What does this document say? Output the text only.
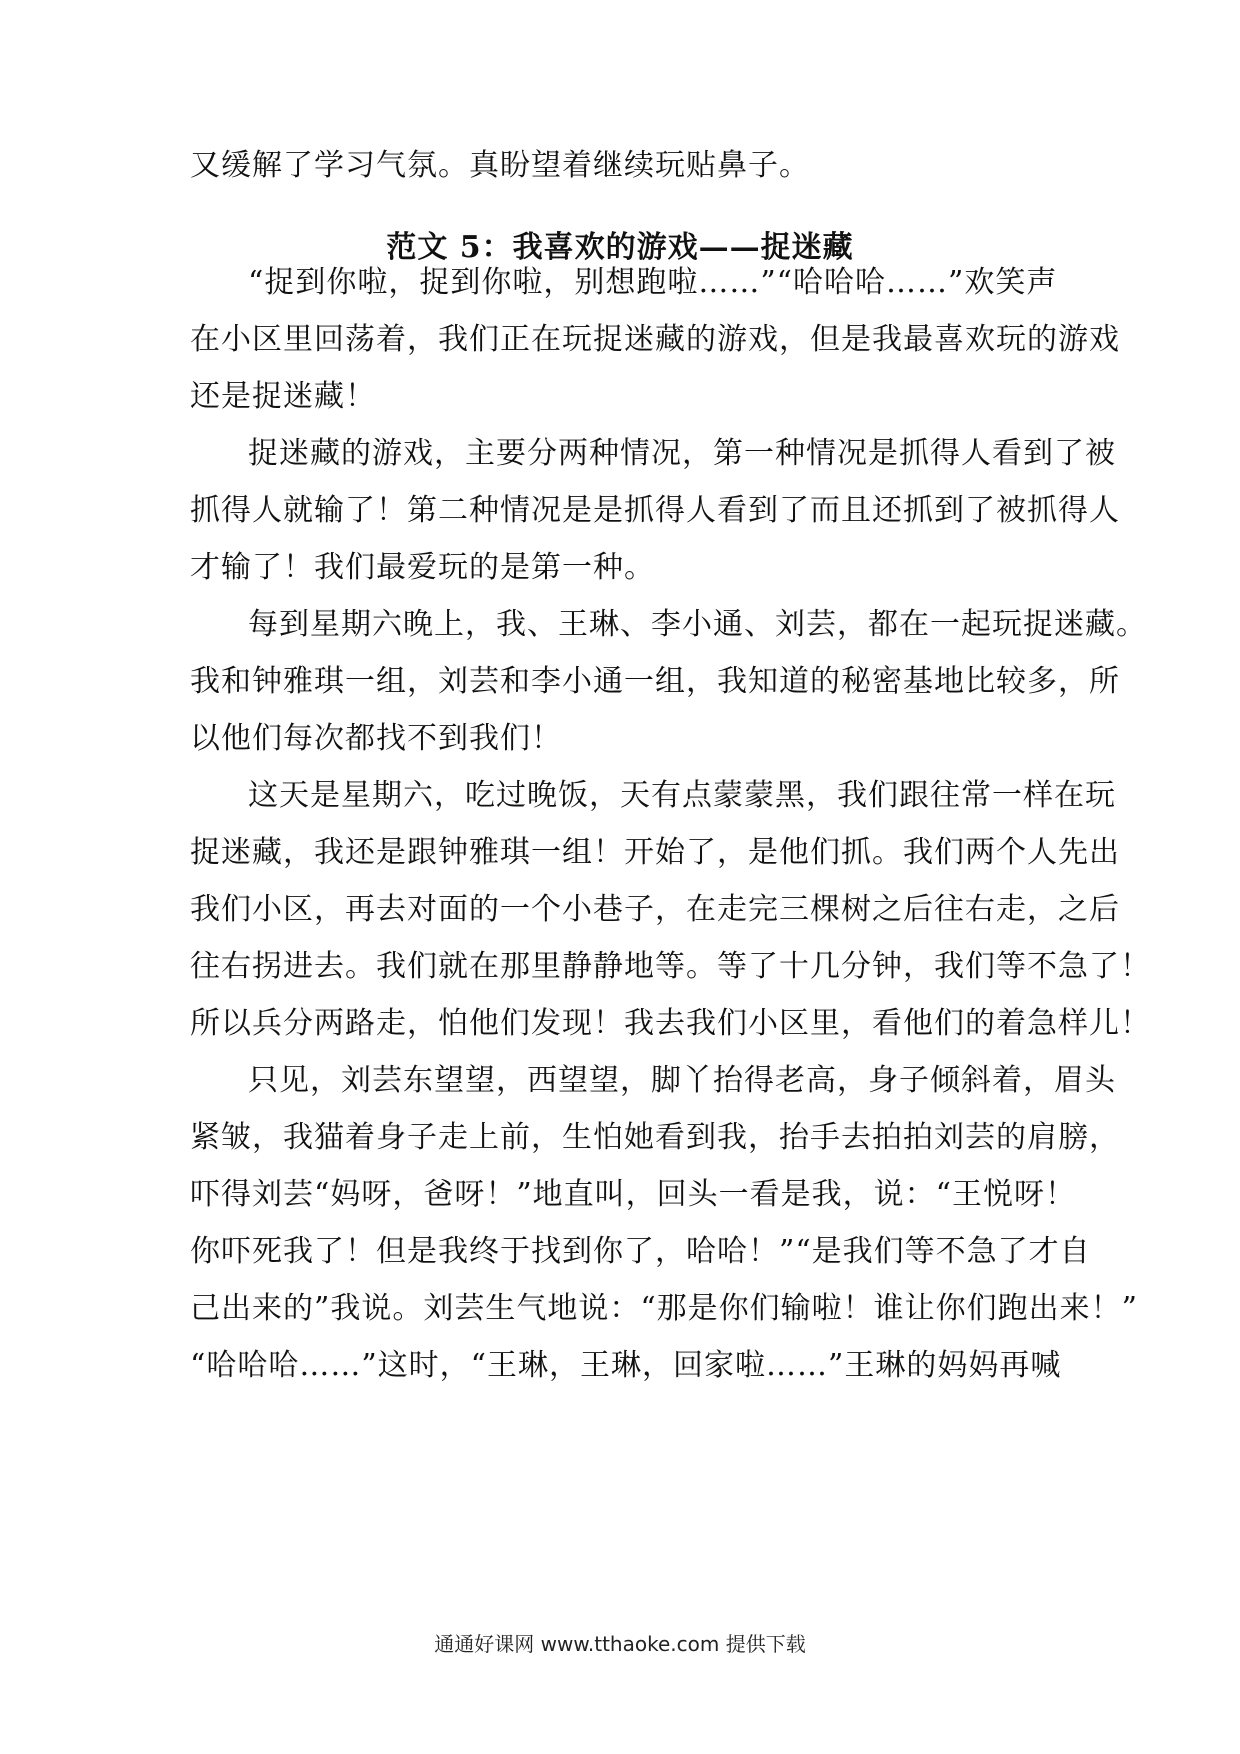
又缓解了学习气氛。真盼望着继续玩贴鼻子。
范文 5：我喜欢的游戏——捉迷藏
“捉到你啦，捉到你啦，别想跑啦……”“哈哈哈……”欢笑声
在小区里回荡着，我们正在玩捉迷藏的游戏，但是我最喜欢玩的游戏
还是捉迷藏！
捉迷藏的游戏，主要分两种情况，第一种情况是抓得人看到了被
抓得人就输了！第二种情况是是抓得人看到了而且还抓到了被抓得人
才输了！我们最爱玩的是第一种。
每到星期六晚上，我、王琳、李小通、刘芸，都在一起玩捉迷藏。
我和钟雅琪一组，刘芸和李小通一组，我知道的秘密基地比较多，所
以他们每次都找不到我们！
这天是星期六，吃过晚饭，天有点蒙蒙黑，我们跟往常一样在玩
捉迷藏，我还是跟钟雅琪一组！开始了，是他们抓。我们两个人先出
我们小区，再去对面的一个小巷子，在走完三棵树之后往右走，之后
往右拐进去。我们就在那里静静地等。等了十几分钟，我们等不急了！
所以兵分两路走，怕他们发现！我去我们小区里，看他们的着急样儿！
只见，刘芸东望望，西望望，脚丫抬得老高，身子倾斜着，眉头
紧皱，我猫着身子走上前，生怕她看到我，抬手去拍拍刘芸的肩膀，
吓得刘芸“妈呀，爸呀！”地直叫，回头一看是我，说：“王悦呀！
你吓死我了！但是我终于找到你了，哈哈！”“是我们等不急了才自
己出来的”我说。刘芸生气地说：“那是你们输啦！谁让你们跑出来！”
“哈哈哈……”这时，“王琳，王琳，回家啦……”王琳的妈妈再喊
通通好课网 www.tthaoke.com 提供下载
